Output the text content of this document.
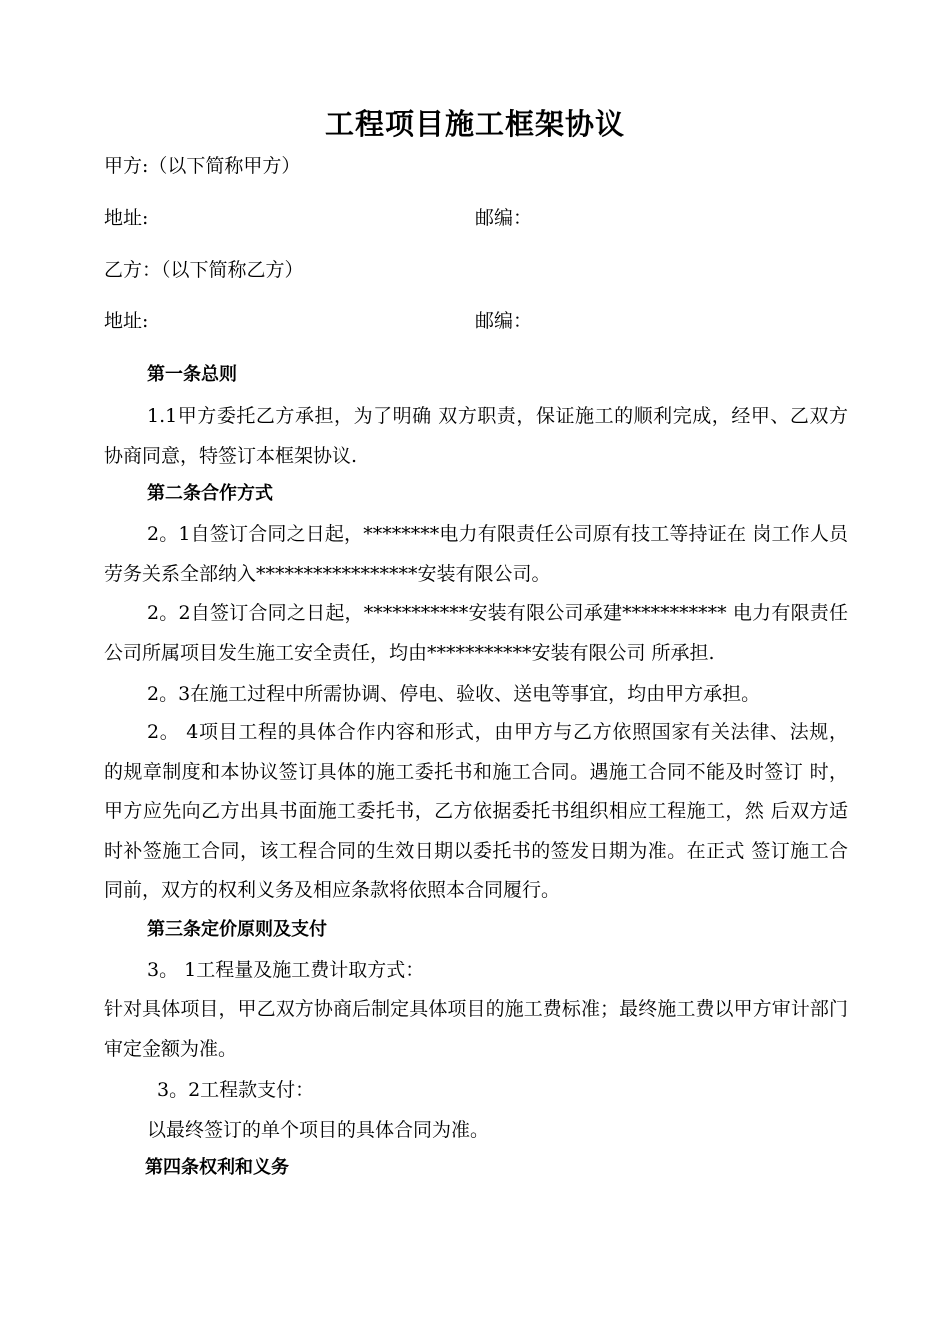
工程项目施工框架协议
甲方:（以下简称甲方）
地址:	邮编：
乙方：（以下简称乙方）
地址:	邮编：
第一条总则
1.1甲方委托乙方承担，为了明确 双方职责，保证施工的顺利完成，经甲、乙双方协商同意，特签订本框架协议.
第二条合作方式
2。1自签订合同之日起，********电力有限责任公司原有技工等持证在 岗工作人员劳务关系全部纳入*****************安装有限公司。
2。2自签订合同之日起，***********安装有限公司承建*********** 电力有限责任公司所属项目发生施工安全责任，均由***********安装有限公司 所承担.
2。3在施工过程中所需协调、停电、验收、送电等事宜，均由甲方承担。
2。 4项目工程的具体合作内容和形式，由甲方与乙方依照国家有关法律、法规， 的规章制度和本协议签订具体的施工委托书和施工合同。遇施工合同不能及时签订 时，甲方应先向乙方出具书面施工委托书，乙方依据委托书组织相应工程施工，然 后双方适时补签施工合同，该工程合同的生效日期以委托书的签发日期为准。在正式 签订施工合同前，双方的权利义务及相应条款将依照本合同履行。
第三条定价原则及支付
3。 1工程量及施工费计取方式：
针对具体项目，甲乙双方协商后制定具体项目的施工费标准；最终施工费以甲方审计部门审定金额为准。
3。2工程款支付：
以最终签订的单个项目的具体合同为准。
第四条权利和义务
